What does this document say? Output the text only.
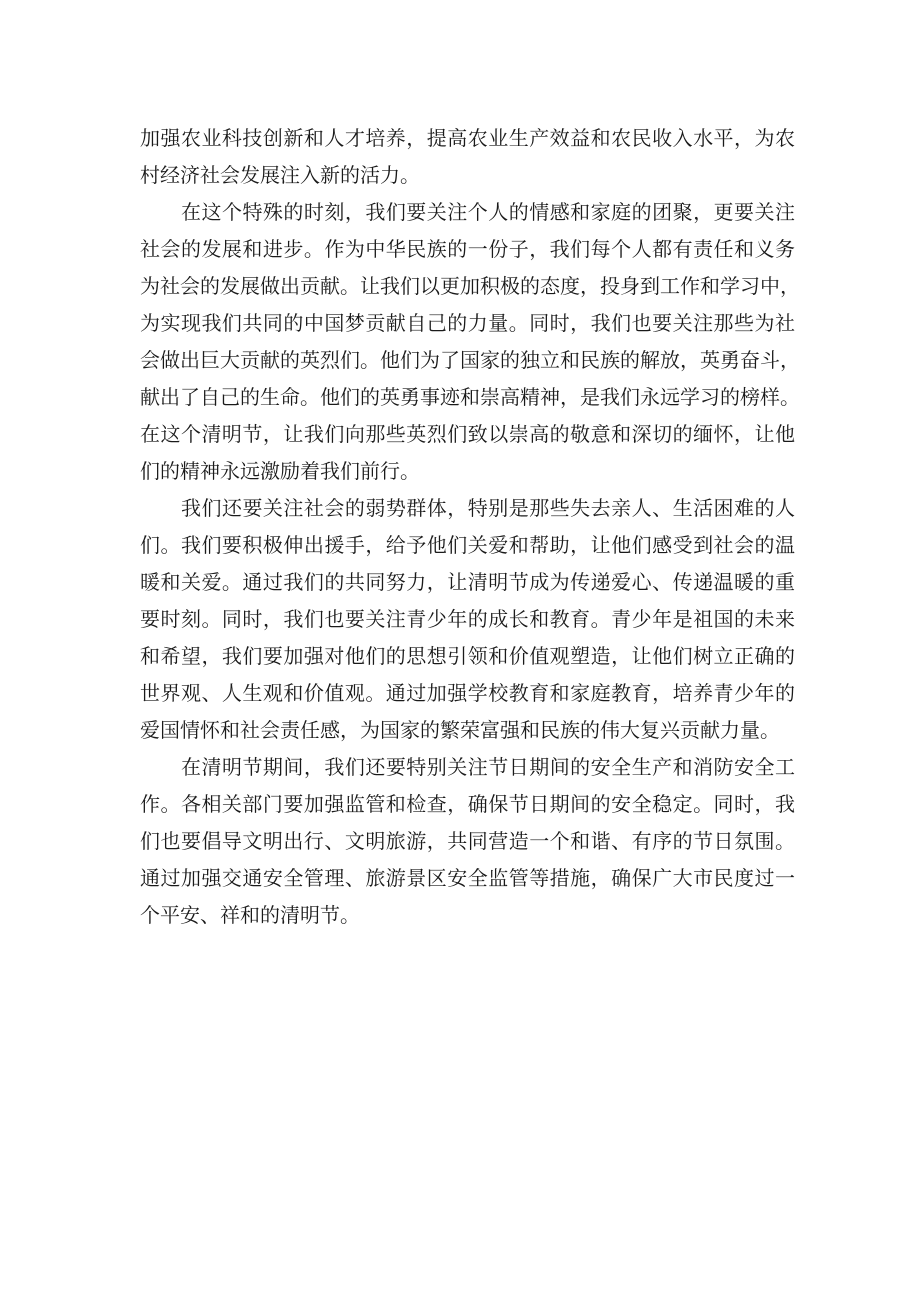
加强农业科技创新和人才培养，提高农业生产效益和农民收入水平，为农
村经济社会发展注入新的活力。
在这个特殊的时刻，我们要关注个人的情感和家庭的团聚，更要关注
社会的发展和进步。作为中华民族的一份子，我们每个人都有责任和义务
为社会的发展做出贡献。让我们以更加积极的态度，投身到工作和学习中，
为实现我们共同的中国梦贡献自己的力量。同时，我们也要关注那些为社
会做出巨大贡献的英烈们。他们为了国家的独立和民族的解放，英勇奋斗，
献出了自己的生命。他们的英勇事迹和崇高精神，是我们永远学习的榜样。
在这个清明节，让我们向那些英烈们致以崇高的敬意和深切的缅怀，让他
们的精神永远激励着我们前行。
我们还要关注社会的弱势群体，特别是那些失去亲人、生活困难的人
们。我们要积极伸出援手，给予他们关爱和帮助，让他们感受到社会的温
暖和关爱。通过我们的共同努力，让清明节成为传递爱心、传递温暖的重
要时刻。同时，我们也要关注青少年的成长和教育。青少年是祖国的未来
和希望，我们要加强对他们的思想引领和价值观塑造，让他们树立正确的
世界观、人生观和价值观。通过加强学校教育和家庭教育，培养青少年的
爱国情怀和社会责任感，为国家的繁荣富强和民族的伟大复兴贡献力量。
在清明节期间，我们还要特别关注节日期间的安全生产和消防安全工
作。各相关部门要加强监管和检查，确保节日期间的安全稳定。同时，我
们也要倡导文明出行、文明旅游，共同营造一个和谐、有序的节日氛围。
通过加强交通安全管理、旅游景区安全监管等措施，确保广大市民度过一
个平安、祥和的清明节。
